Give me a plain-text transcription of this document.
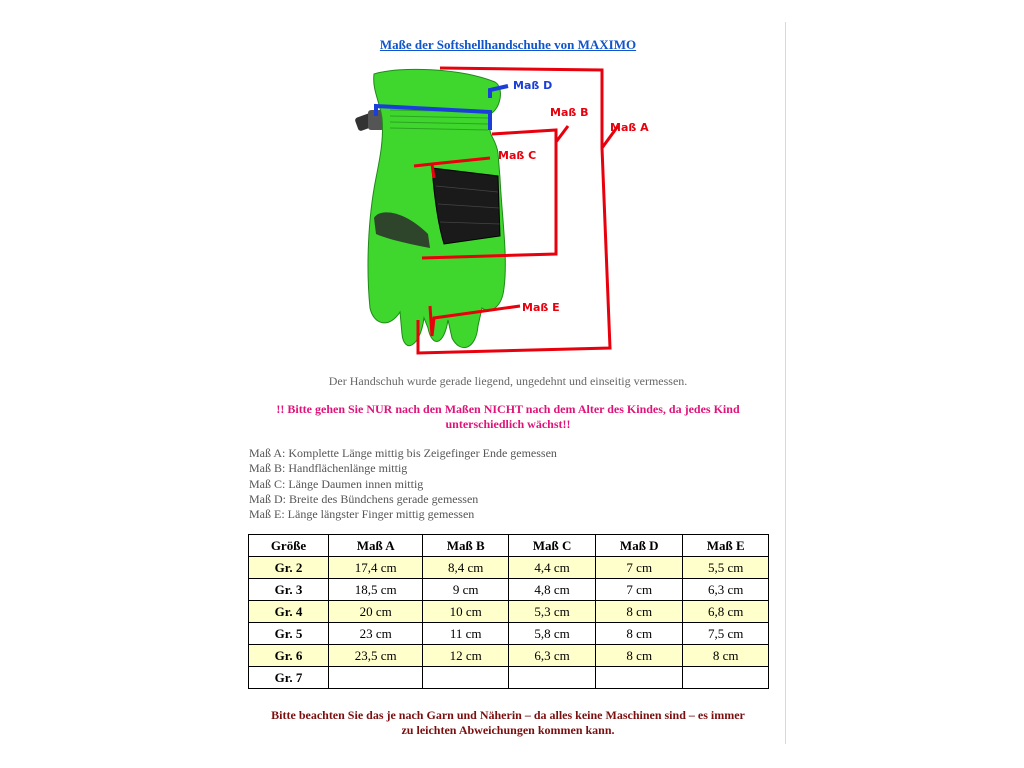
Maße der Softshellhandschuhe von MAXIMO
Maß D
Maß B
Maß A
Maß C
Maß E
Der Handschuh wurde gerade liegend, ungedehnt und einseitig vermessen.
!! Bitte gehen Sie NUR nach den Maßen NICHT nach dem Alter des Kindes, da jedes Kind
unterschiedlich wächst!!
Maß A: Komplette Länge mittig bis Zeigefinger Ende gemessen
Maß B: Handflächenlänge mittig
Maß C: Länge Daumen innen mittig
Maß D: Breite des Bündchens gerade gemessen
Maß E: Länge längster Finger mittig gemessen
Größe	Maß A	Maß B	Maß C	Maß D	Maß E
Gr. 2	17,4 cm	8,4 cm	4,4 cm	7 cm	5,5 cm
Gr. 3	18,5 cm	9 cm	4,8 cm	7 cm	6,3 cm
Gr. 4	20 cm	10 cm	5,3 cm	8 cm	6,8 cm
Gr. 5	23 cm	11 cm	5,8 cm	8 cm	7,5 cm
Gr. 6	23,5 cm	12 cm	6,3 cm	8 cm	8 cm
Gr. 7					
Bitte beachten Sie das je nach Garn und Näherin – da alles keine Maschinen sind – es immer
zu leichten Abweichungen kommen kann.
